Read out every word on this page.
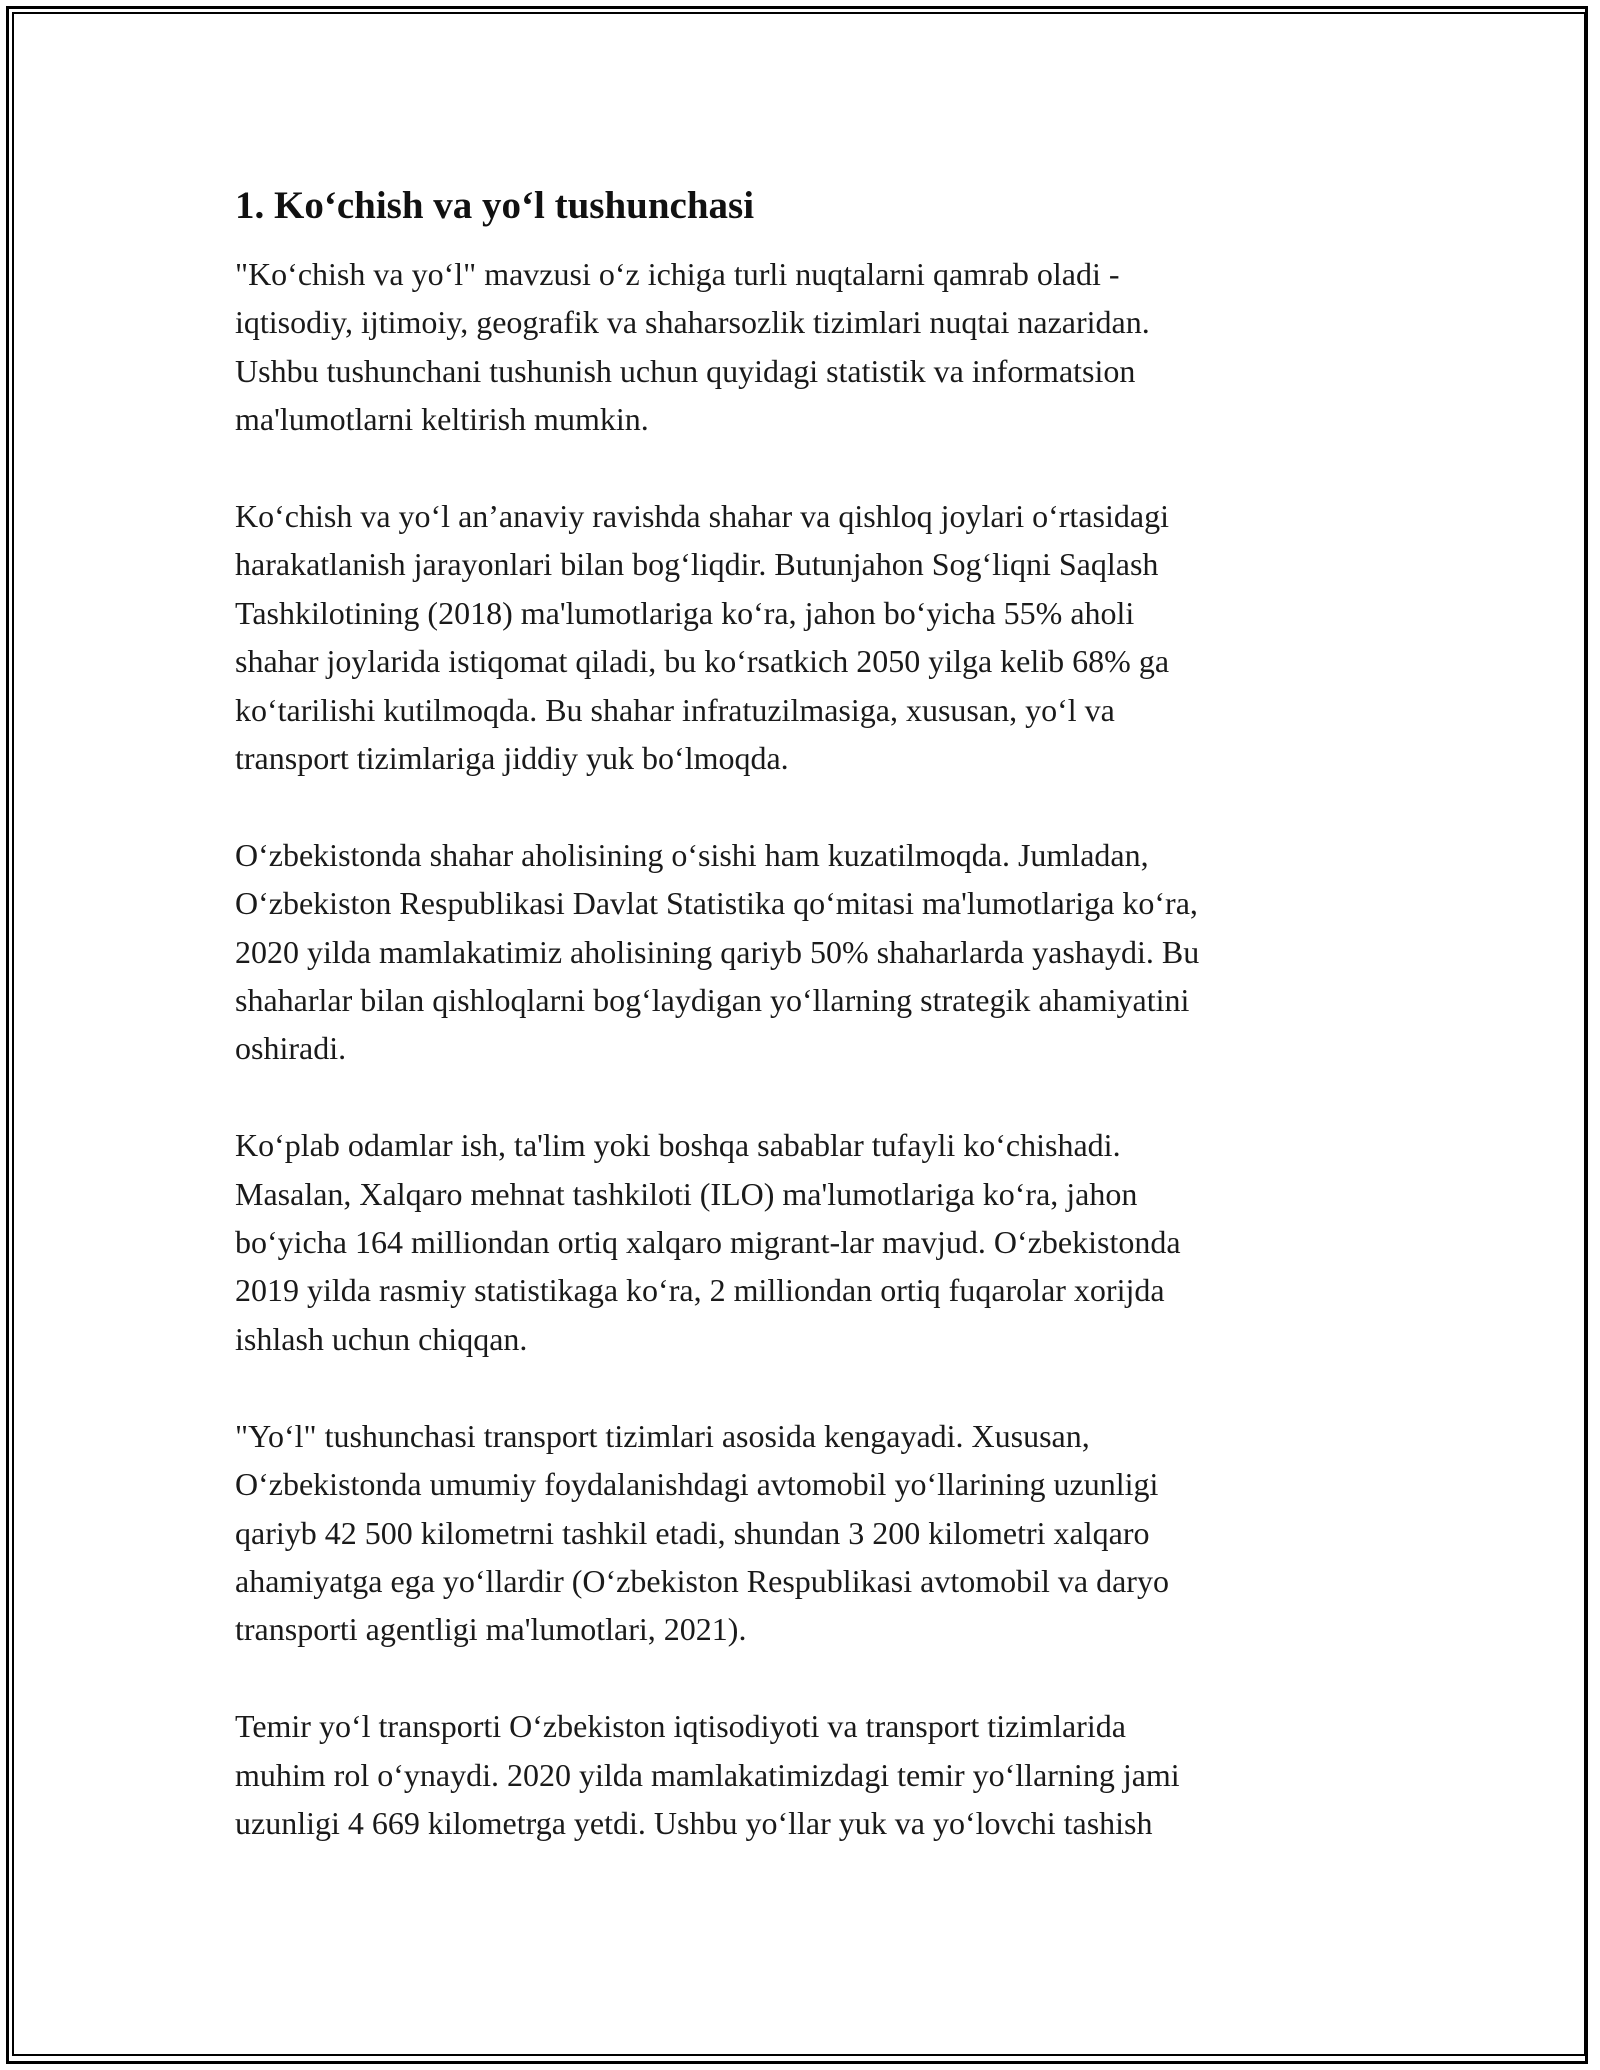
1. Ko‘chish va yo‘l tushunchasi

"Ko‘chish va yo‘l" mavzusi o‘z ichiga turli nuqtalarni qamrab oladi -
iqtisodiy, ijtimoiy, geografik va shaharsozlik tizimlari nuqtai nazaridan.
Ushbu tushunchani tushunish uchun quyidagi statistik va informatsion
ma'lumotlarni keltirish mumkin.

Ko‘chish va yo‘l an’anaviy ravishda shahar va qishloq joylari o‘rtasidagi
harakatlanish jarayonlari bilan bog‘liqdir. Butunjahon Sog‘liqni Saqlash
Tashkilotining (2018) ma'lumotlariga ko‘ra, jahon bo‘yicha 55% aholi
shahar joylarida istiqomat qiladi, bu ko‘rsatkich 2050 yilga kelib 68% ga
ko‘tarilishi kutilmoqda. Bu shahar infratuzilmasiga, xususan, yo‘l va
transport tizimlariga jiddiy yuk bo‘lmoqda.

O‘zbekistonda shahar aholisining o‘sishi ham kuzatilmoqda. Jumladan,
O‘zbekiston Respublikasi Davlat Statistika qo‘mitasi ma'lumotlariga ko‘ra,
2020 yilda mamlakatimiz aholisining qariyb 50% shaharlarda yashaydi. Bu
shaharlar bilan qishloqlarni bog‘laydigan yo‘llarning strategik ahamiyatini
oshiradi.

Ko‘plab odamlar ish, ta'lim yoki boshqa sabablar tufayli ko‘chishadi.
Masalan, Xalqaro mehnat tashkiloti (ILO) ma'lumotlariga ko‘ra, jahon
bo‘yicha 164 milliondan ortiq xalqaro migrant-lar mavjud. O‘zbekistonda
2019 yilda rasmiy statistikaga ko‘ra, 2 milliondan ortiq fuqarolar xorijda
ishlash uchun chiqqan.

"Yo‘l" tushunchasi transport tizimlari asosida kengayadi. Xususan,
O‘zbekistonda umumiy foydalanishdagi avtomobil yo‘llarining uzunligi
qariyb 42 500 kilometrni tashkil etadi, shundan 3 200 kilometri xalqaro
ahamiyatga ega yo‘llardir (O‘zbekiston Respublikasi avtomobil va daryo
transporti agentligi ma'lumotlari, 2021).

Temir yo‘l transporti O‘zbekiston iqtisodiyoti va transport tizimlarida
muhim rol o‘ynaydi. 2020 yilda mamlakatimizdagi temir yo‘llarning jami
uzunligi 4 669 kilometrga yetdi. Ushbu yo‘llar yuk va yo‘lovchi tashish
